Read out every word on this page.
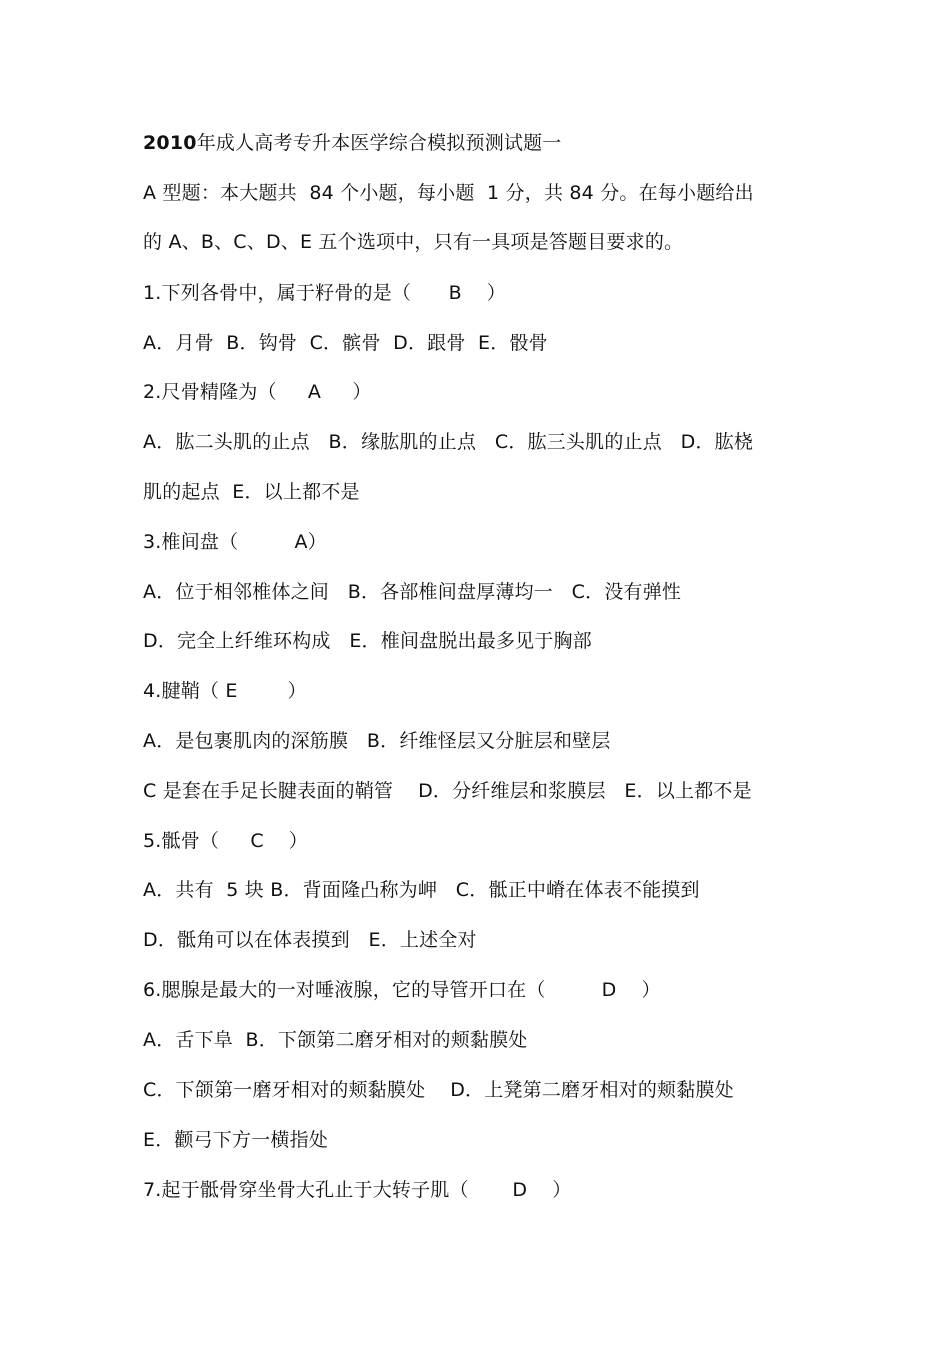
2010年成人高考专升本医学综合模拟预测试题一
A 型题：本大题共  84 个小题，每小题  1 分，共 84 分。在每小题给出
的 A、B、C、D、E 五个选项中，只有一具项是答题目要求的。
1.下列各骨中，属于籽骨的是（      B    ）
A．月骨  B．钩骨  C．髌骨  D．跟骨  E．骰骨
2.尺骨精隆为（     A     ）
A．肱二头肌的止点   B．缘肱肌的止点   C．肱三头肌的止点   D．肱桡
肌的起点  E．以上都不是
3.椎间盘（         A）
A．位于相邻椎体之间   B．各部椎间盘厚薄均一   C．没有弹性
D．完全上纤维环构成   E．椎间盘脱出最多见于胸部
4.腱鞘（ E        ）
A．是包裹肌肉的深筋膜   B．纤维怪层又分脏层和壁层
C 是套在手足长腱表面的鞘管    D．分纤维层和浆膜层   E．以上都不是
5.骶骨（     C    ）
A．共有  5 块 B．背面隆凸称为岬   C．骶正中嵴在体表不能摸到
D．骶角可以在体表摸到   E．上述全对
6.腮腺是最大的一对唾液腺，它的导管开口在（         D    ）
A．舌下阜  B．下颌第二磨牙相对的颊黏膜处
C．下颌第一磨牙相对的颊黏膜处    D．上凳第二磨牙相对的颊黏膜处
E．颧弓下方一横指处
7.起于骶骨穿坐骨大孔止于大转子肌（       D    ）
